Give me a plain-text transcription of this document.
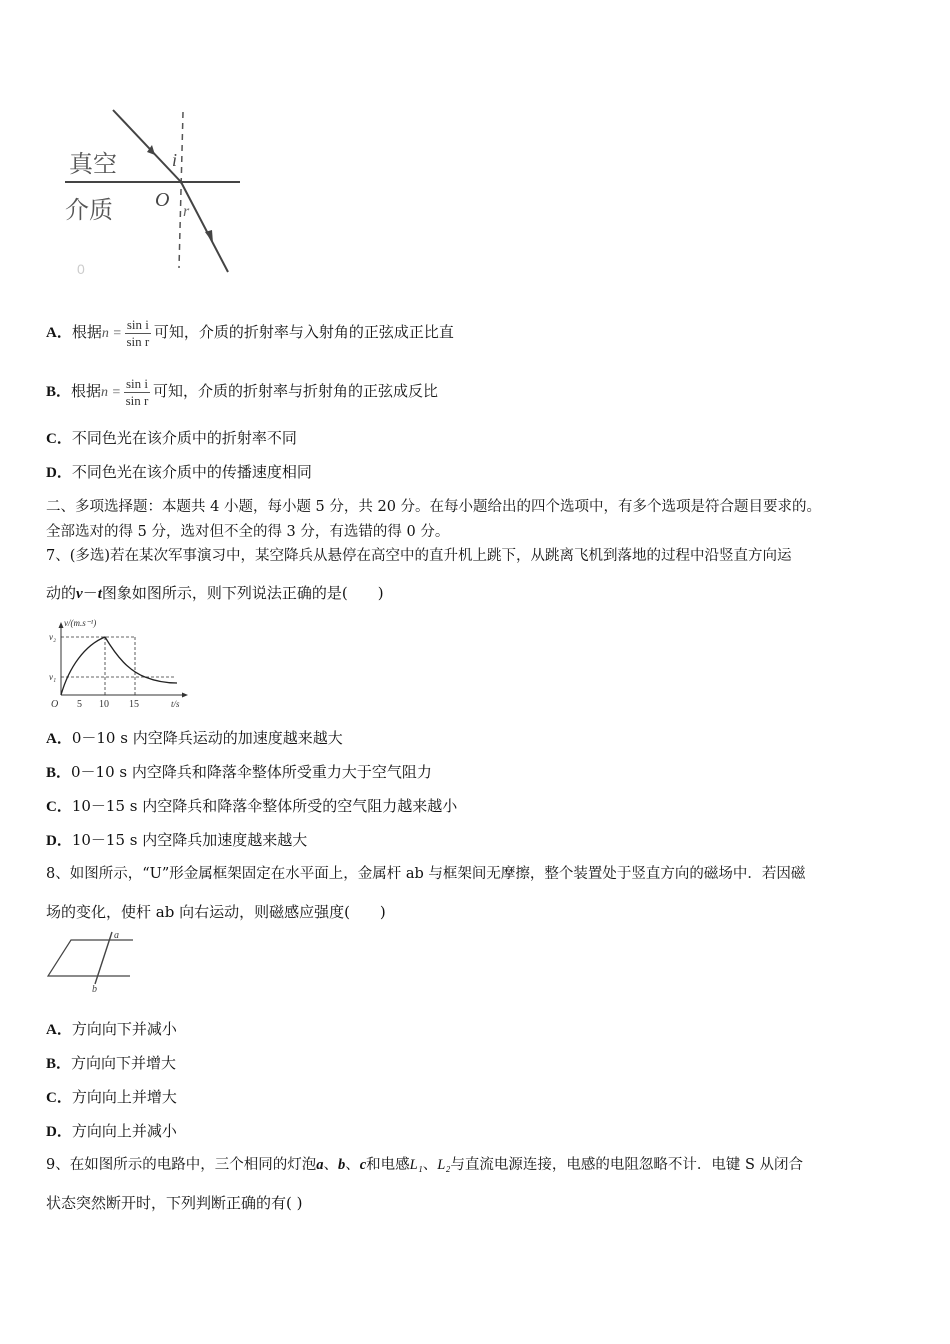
真空
介质 O
i
r
0
A．根据$n = \frac{\text{sin i}}{\text{sin r}}$ 可知，介质的折射率与入射角的正弦成正比直
B．根据$n = \frac{\text{sin i}}{\text{sin r}}$ 可知，介质的折射率与折射角的正弦成反比
C．不同色光在该介质中的折射率不同
D．不同色光在该介质中的传播速度相同
二、多项选择题：本题共 4 小题，每小题 5 分，共 20 分。在每小题给出的四个选项中，有多个选项是符合题目要求的。
全部选对的得 5 分，选对但不全的得 3 分，有选错的得 0 分。
7、(多选)若在某次军事演习中，某空降兵从悬停在高空中的直升机上跳下，从跳离飞机到落地的过程中沿竖直方向运
动的v－t图象如图所示，则下列说法正确的是(　　)
v/(m.s⁻¹)
v₂
v₁
O 5 10 15	t/s
A．0－10 s 内空降兵运动的加速度越来越大
B．0－10 s 内空降兵和降落伞整体所受重力大于空气阻力
C．10－15 s 内空降兵和降落伞整体所受的空气阻力越来越小
D．10－15 s 内空降兵加速度越来越大
8、如图所示，“U”形金属框架固定在水平面上，金属杆 ab 与框架间无摩擦，整个装置处于竖直方向的磁场中．若因磁
场的变化，使杆 ab 向右运动，则磁感应强度(　　)
a
b
A．方向向下并减小
B．方向向下并增大
C．方向向上并增大
D．方向向上并减小
9、在如图所示的电路中，三个相同的灯泡a、b、c和电感L₁、L₂与直流电源连接，电感的电阻忽略不计．电键 S 从闭合
状态突然断开时，下列判断正确的有( )
